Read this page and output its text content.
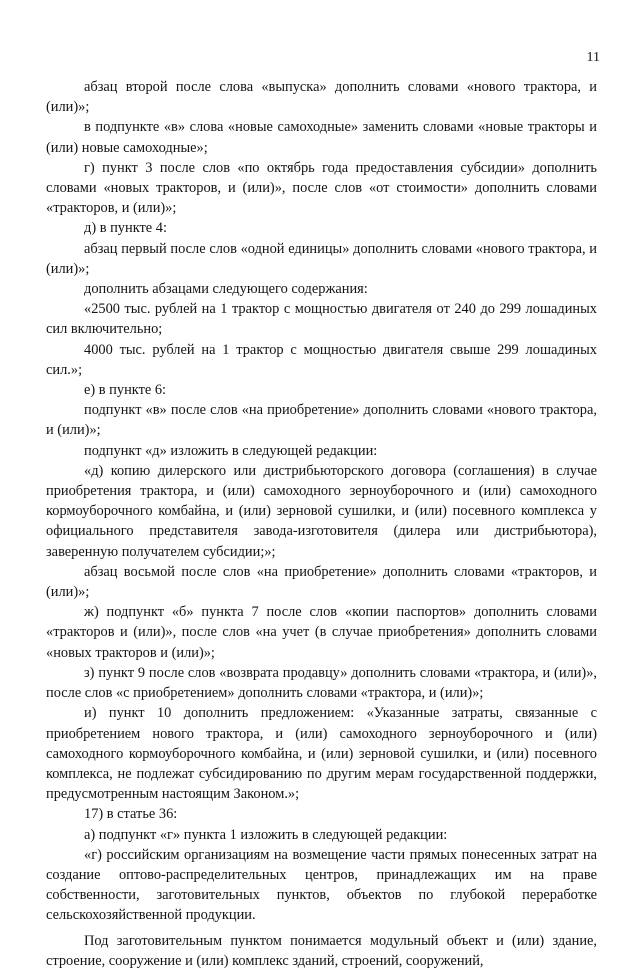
11

абзац второй после слова «выпуска» дополнить словами «нового трактора, и (или)»;

в подпункте «в» слова «новые самоходные» заменить словами «новые тракторы и (или) новые самоходные»;

г) пункт 3 после слов «по октябрь года предоставления субсидии» дополнить словами «новых тракторов, и (или)», после слов «от стоимости» дополнить словами «тракторов, и (или)»;

д) в пункте 4:

абзац первый после слов «одной единицы» дополнить словами «нового трактора, и (или)»;

дополнить абзацами следующего содержания:

«2500 тыс. рублей на 1 трактор с мощностью двигателя от 240 до 299 лошадиных сил включительно;

4000 тыс. рублей на 1 трактор с мощностью двигателя свыше 299 лошадиных сил.»;

е) в пункте 6:

подпункт «в» после слов «на приобретение» дополнить словами «нового трактора, и (или)»;

подпункт «д» изложить в следующей редакции:

«д) копию дилерского или дистрибьюторского договора (соглашения) в случае приобретения трактора, и (или) самоходного зерноуборочного и (или) самоходного кормоуборочного комбайна, и (или) зерновой сушилки, и (или) посевного комплекса у официального представителя завода-изготовителя (дилера или дистрибьютора), заверенную получателем субсидии;»;

абзац восьмой после слов «на приобретение» дополнить словами «тракторов, и (или)»;

ж) подпункт «б» пункта 7 после слов «копии паспортов» дополнить словами «тракторов и (или)», после слов «на учет (в случае приобретения» дополнить словами «новых тракторов и (или)»;

з) пункт 9 после слов «возврата продавцу» дополнить словами «трактора, и (или)», после слов «с приобретением» дополнить словами «трактора, и (или)»;

и) пункт 10 дополнить предложением: «Указанные затраты, связанные с приобретением нового трактора, и (или) самоходного зерноуборочного и (или) самоходного кормоуборочного комбайна, и (или) зерновой сушилки, и (или) посевного комплекса, не подлежат субсидированию по другим мерам государственной поддержки, предусмотренным настоящим Законом.»;

17) в статье 36:

а) подпункт «г» пункта 1 изложить в следующей редакции:

«г) российским организациям на возмещение части прямых понесенных затрат на создание оптово-распределительных центров, принадлежащих им на праве собственности, заготовительных пунктов, объектов по глубокой переработке сельскохозяйственной продукции.

Под заготовительным пунктом понимается модульный объект и (или) здание, строение, сооружение и (или) комплекс зданий, строений, сооружений,
